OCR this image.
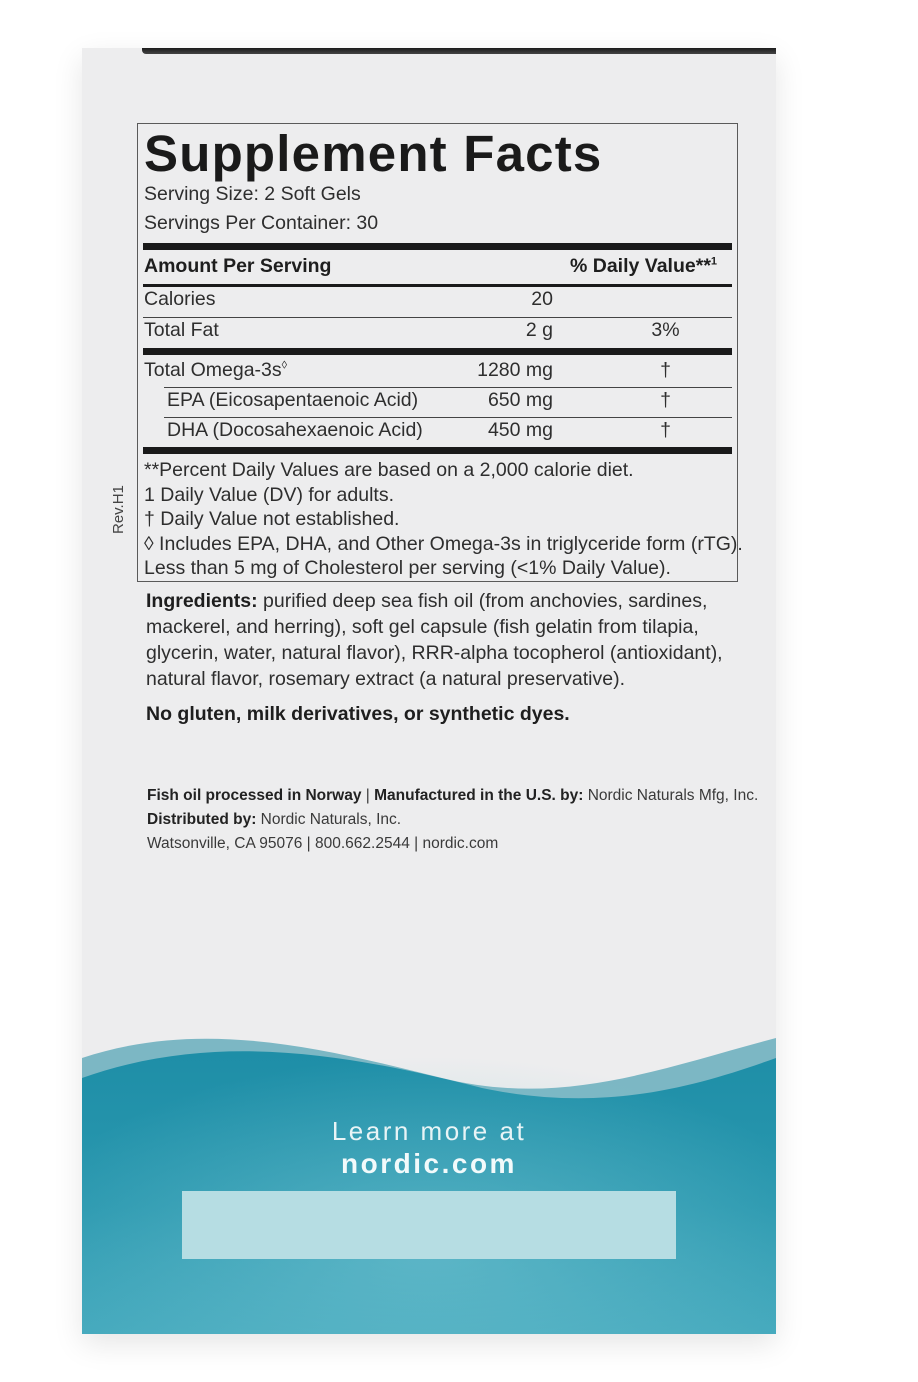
Supplement Facts
Serving Size: 2 Soft Gels
Servings Per Container: 30
Amount Per Serving	% Daily Value**$^1$
Calories	20
Total Fat	2 g	3%
Total Omega-3s◊	1280 mg	†
EPA (Eicosapentaenoic Acid)	650 mg	†
DHA (Docosahexaenoic Acid)	450 mg	†
**Percent Daily Values are based on a 2,000 calorie diet.
1 Daily Value (DV) for adults.
† Daily Value not established.
◊ Includes EPA, DHA, and Other Omega-3s in triglyceride form (rTG).
Less than 5 mg of Cholesterol per serving (<1% Daily Value).
Rev.H1
Ingredients: purified deep sea fish oil (from anchovies, sardines, mackerel, and herring), soft gel capsule (fish gelatin from tilapia, glycerin, water, natural flavor), RRR-alpha tocopherol (antioxidant), natural flavor, rosemary extract (a natural preservative).
No gluten, milk derivatives, or synthetic dyes.
Fish oil processed in Norway | Manufactured in the U.S. by: Nordic Naturals Mfg, Inc.
Distributed by: Nordic Naturals, Inc.
Watsonville, CA 95076 | 800.662.2544 | nordic.com
Learn more at
nordic.com
